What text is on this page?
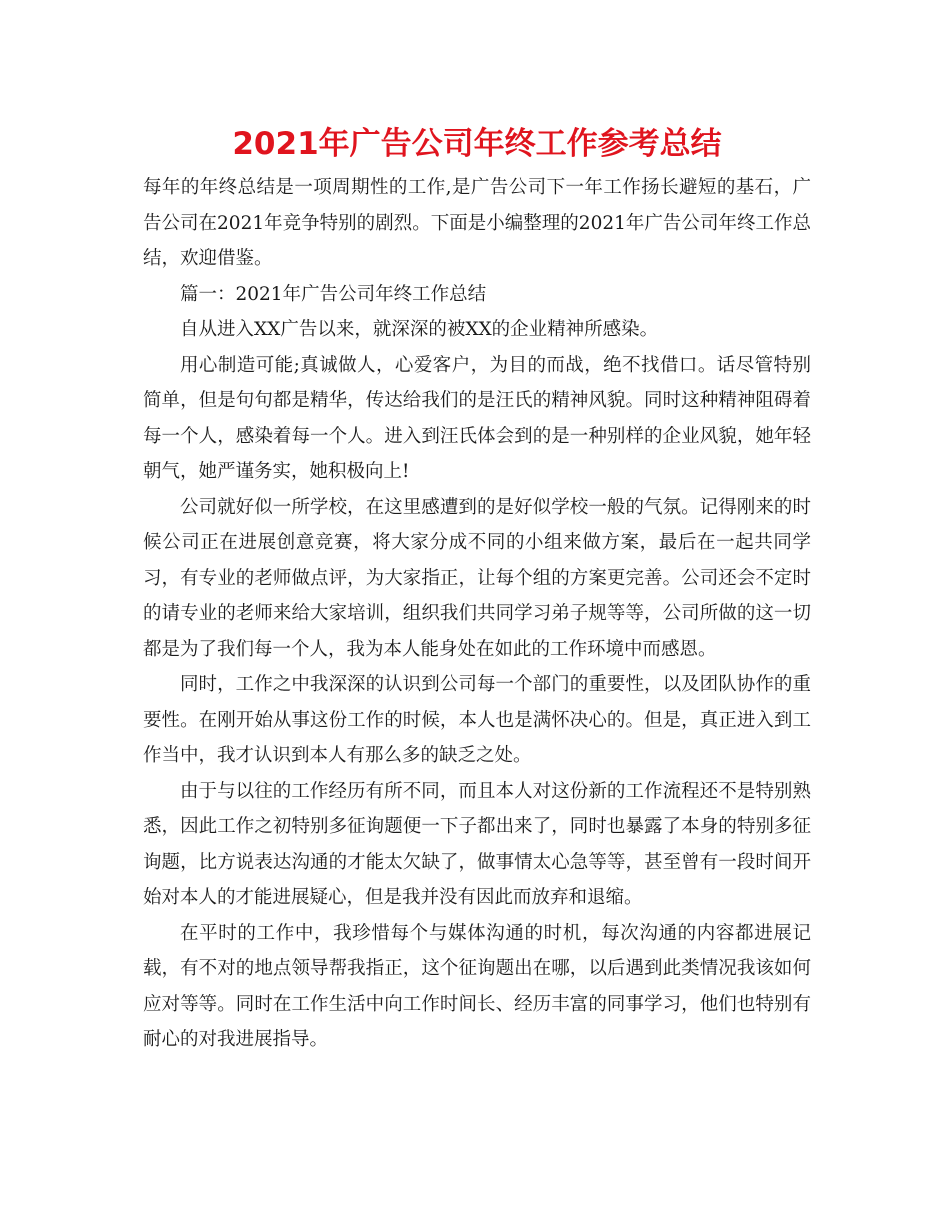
2021年广告公司年终工作参考总结

每年的年终总结是一项周期性的工作,是广告公司下一年工作扬长避短的基石，广告公司在2021年竞争特别的剧烈。下面是小编整理的2021年广告公司年终工作总结，欢迎借鉴。

篇一：2021年广告公司年终工作总结

自从进入XX广告以来，就深深的被XX的企业精神所感染。

用心制造可能;真诚做人，心爱客户，为目的而战，绝不找借口。话尽管特别简单，但是句句都是精华，传达给我们的是汪氏的精神风貌。同时这种精神阻碍着每一个人，感染着每一个人。进入到汪氏体会到的是一种别样的企业风貌，她年轻朝气，她严谨务实，她积极向上!

公司就好似一所学校，在这里感遭到的是好似学校一般的气氛。记得刚来的时候公司正在进展创意竞赛，将大家分成不同的小组来做方案，最后在一起共同学习，有专业的老师做点评，为大家指正，让每个组的方案更完善。公司还会不定时的请专业的老师来给大家培训，组织我们共同学习弟子规等等，公司所做的这一切都是为了我们每一个人，我为本人能身处在如此的工作环境中而感恩。

同时，工作之中我深深的认识到公司每一个部门的重要性，以及团队协作的重要性。在刚开始从事这份工作的时候，本人也是满怀决心的。但是，真正进入到工作当中，我才认识到本人有那么多的缺乏之处。

由于与以往的工作经历有所不同，而且本人对这份新的工作流程还不是特别熟悉，因此工作之初特别多征询题便一下子都出来了，同时也暴露了本身的特别多征询题，比方说表达沟通的才能太欠缺了，做事情太心急等等，甚至曾有一段时间开始对本人的才能进展疑心，但是我并没有因此而放弃和退缩。

在平时的工作中，我珍惜每个与媒体沟通的时机，每次沟通的内容都进展记载，有不对的地点领导帮我指正，这个征询题出在哪，以后遇到此类情况我该如何应对等等。同时在工作生活中向工作时间长、经历丰富的同事学习，他们也特别有耐心的对我进展指导。
